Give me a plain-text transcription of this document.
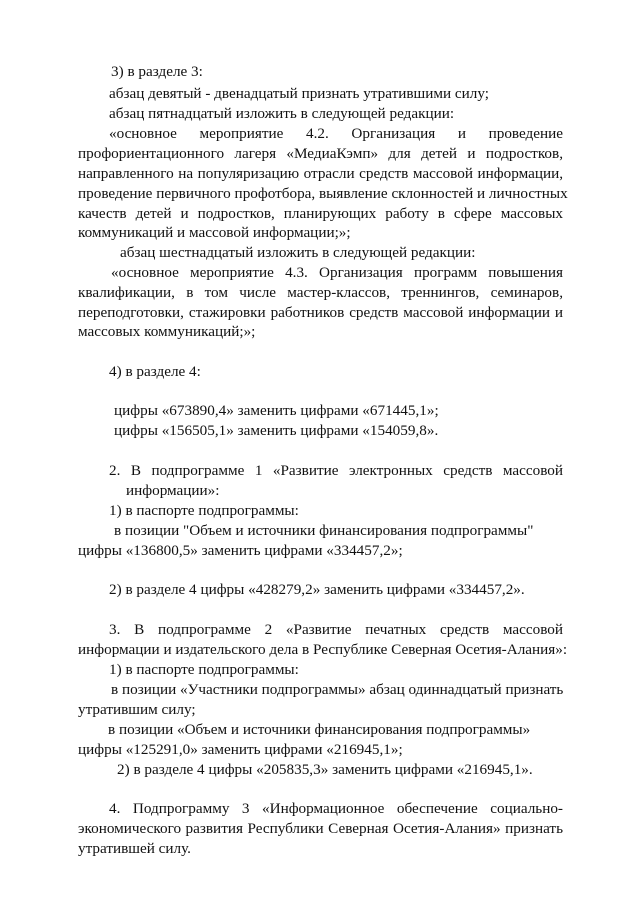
3) в разделе 3:
абзац девятый - двенадцатый признать утратившими силу;
абзац пятнадцатый изложить в следующей редакции:
«основное мероприятие 4.2. Организация и проведение
профориентационного лагеря «МедиаКэмп» для детей и подростков,
направленного на популяризацию отрасли средств массовой информации,
проведение первичного профотбора, выявление склонностей и личностных
качеств детей и подростков, планирующих работу в сфере массовых
коммуникаций и массовой информации;»;
абзац шестнадцатый изложить в следующей редакции:
«основное мероприятие 4.3. Организация программ повышения
квалификации, в том числе мастер-классов, треннингов, семинаров,
переподготовки, стажировки работников средств массовой информации и
массовых коммуникаций;»;
4) в разделе 4:
цифры «673890,4» заменить цифрами «671445,1»;
цифры «156505,1» заменить цифрами «154059,8».
2. В подпрограмме 1 «Развитие электронных средств массовой
информации»:
1) в паспорте подпрограммы:
в позиции "Объем и источники финансирования подпрограммы"
цифры «136800,5» заменить цифрами «334457,2»;
2) в разделе 4 цифры «428279,2» заменить цифрами «334457,2».
3. В подпрограмме 2 «Развитие печатных средств массовой
информации и издательского дела в Республике Северная Осетия-Алания»:
1) в паспорте подпрограммы:
в позиции «Участники подпрограммы» абзац одиннадцатый признать
утратившим силу;
в позиции «Объем и источники финансирования подпрограммы»
цифры «125291,0» заменить цифрами «216945,1»;
2) в разделе 4 цифры «205835,3» заменить цифрами «216945,1».
4. Подпрограмму 3 «Информационное обеспечение социально-
экономического развития Республики Северная Осетия-Алания» признать
утратившей силу.
